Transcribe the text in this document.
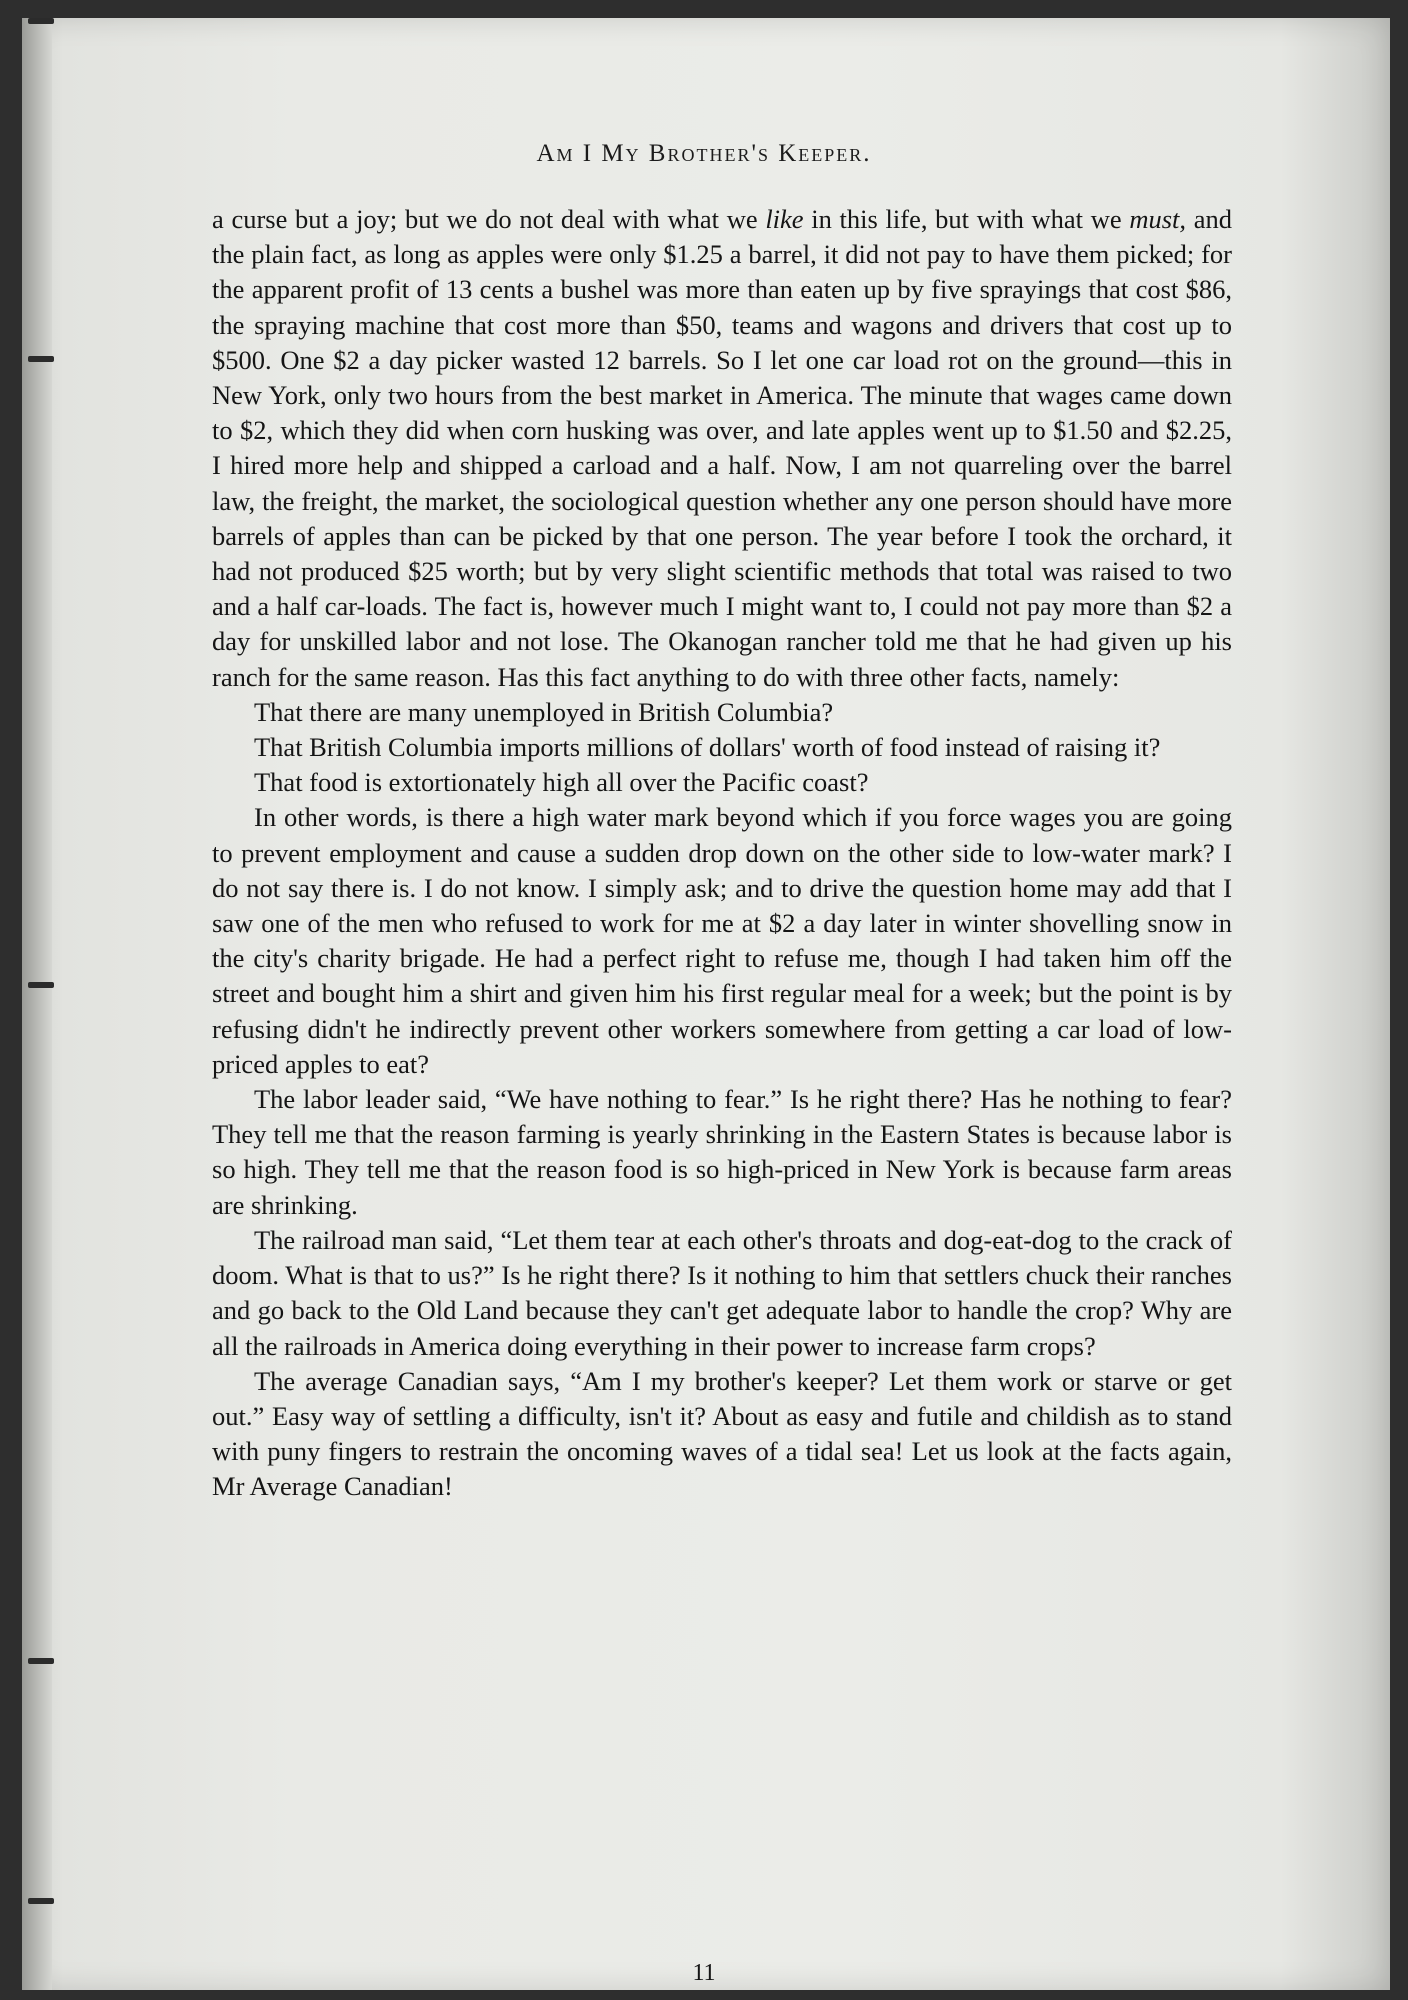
Am I My Brother's Keeper.

a curse but a joy; but we do not deal with what we like in this life, but with what we must, and the plain fact, as long as apples were only $1.25 a barrel, it did not pay to have them picked; for the apparent profit of 13 cents a bushel was more than eaten up by five sprayings that cost $86, the spraying machine that cost more than $50, teams and wagons and drivers that cost up to $500. One $2 a day picker wasted 12 barrels. So I let one car load rot on the ground—this in New York, only two hours from the best market in America. The minute that wages came down to $2, which they did when corn husking was over, and late apples went up to $1.50 and $2.25, I hired more help and shipped a carload and a half. Now, I am not quarreling over the barrel law, the freight, the market, the sociological question whether any one person should have more barrels of apples than can be picked by that one person. The year before I took the orchard, it had not produced $25 worth; but by very slight scientific methods that total was raised to two and a half car-loads. The fact is, however much I might want to, I could not pay more than $2 a day for unskilled labor and not lose. The Okanogan rancher told me that he had given up his ranch for the same reason. Has this fact anything to do with three other facts, namely:

That there are many unemployed in British Columbia?

That British Columbia imports millions of dollars' worth of food instead of raising it?

That food is extortionately high all over the Pacific coast?

In other words, is there a high water mark beyond which if you force wages you are going to prevent employment and cause a sudden drop down on the other side to low-water mark? I do not say there is. I do not know. I simply ask; and to drive the question home may add that I saw one of the men who refused to work for me at $2 a day later in winter shovelling snow in the city's charity brigade. He had a perfect right to refuse me, though I had taken him off the street and bought him a shirt and given him his first regular meal for a week; but the point is by refusing didn't he indirectly prevent other workers somewhere from getting a car load of low-priced apples to eat?

The labor leader said, “We have nothing to fear.” Is he right there? Has he nothing to fear? They tell me that the reason farming is yearly shrinking in the Eastern States is because labor is so high. They tell me that the reason food is so high-priced in New York is because farm areas are shrinking.

The railroad man said, “Let them tear at each other's throats and dog-eat-dog to the crack of doom. What is that to us?” Is he right there? Is it nothing to him that settlers chuck their ranches and go back to the Old Land because they can't get adequate labor to handle the crop? Why are all the railroads in America doing everything in their power to increase farm crops?

The average Canadian says, “Am I my brother's keeper? Let them work or starve or get out.” Easy way of settling a difficulty, isn't it? About as easy and futile and childish as to stand with puny fingers to restrain the oncoming waves of a tidal sea! Let us look at the facts again, Mr Average Canadian!

11
